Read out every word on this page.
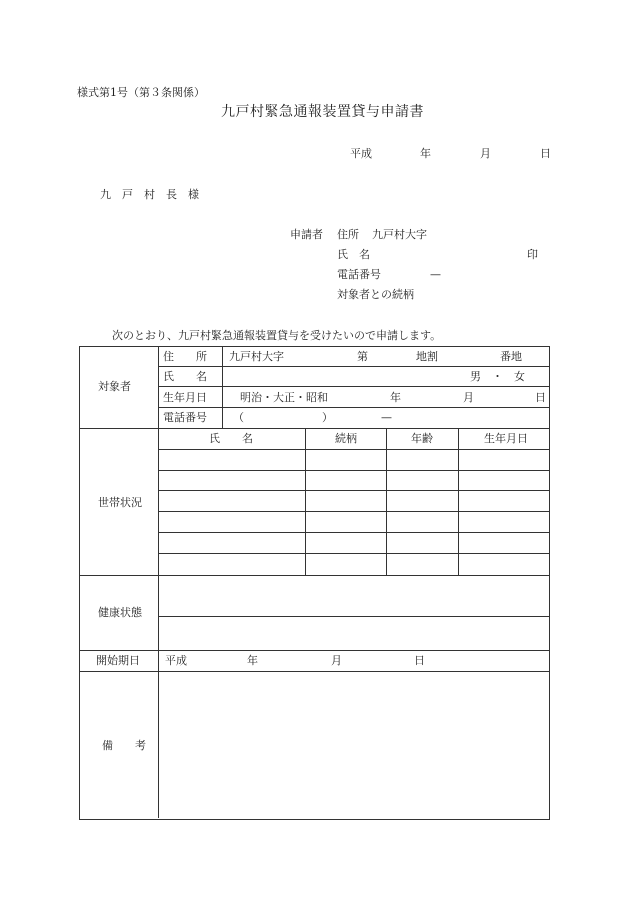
様式第1号（第３条関係）
九戸村緊急通報装置貸与申請書
平成	年	月	日
九　戸　村　長　様
申請者 住所 九戸村大字
氏　名	印
電話番号	—
対象者との続柄
次のとおり、九戸村緊急通報装置貸与を受けたいので申請します。
対象者
住　　所 九戸村大字	第	地割	番地
氏　　名	男　・　女
生年月日	明治・大正・昭和	年	月	日
電話番号 （	）	—
世帯状況
氏　　名	続柄	年齢	生年月日
健康状態
開始期日 平成	年	月	日
備　　考
